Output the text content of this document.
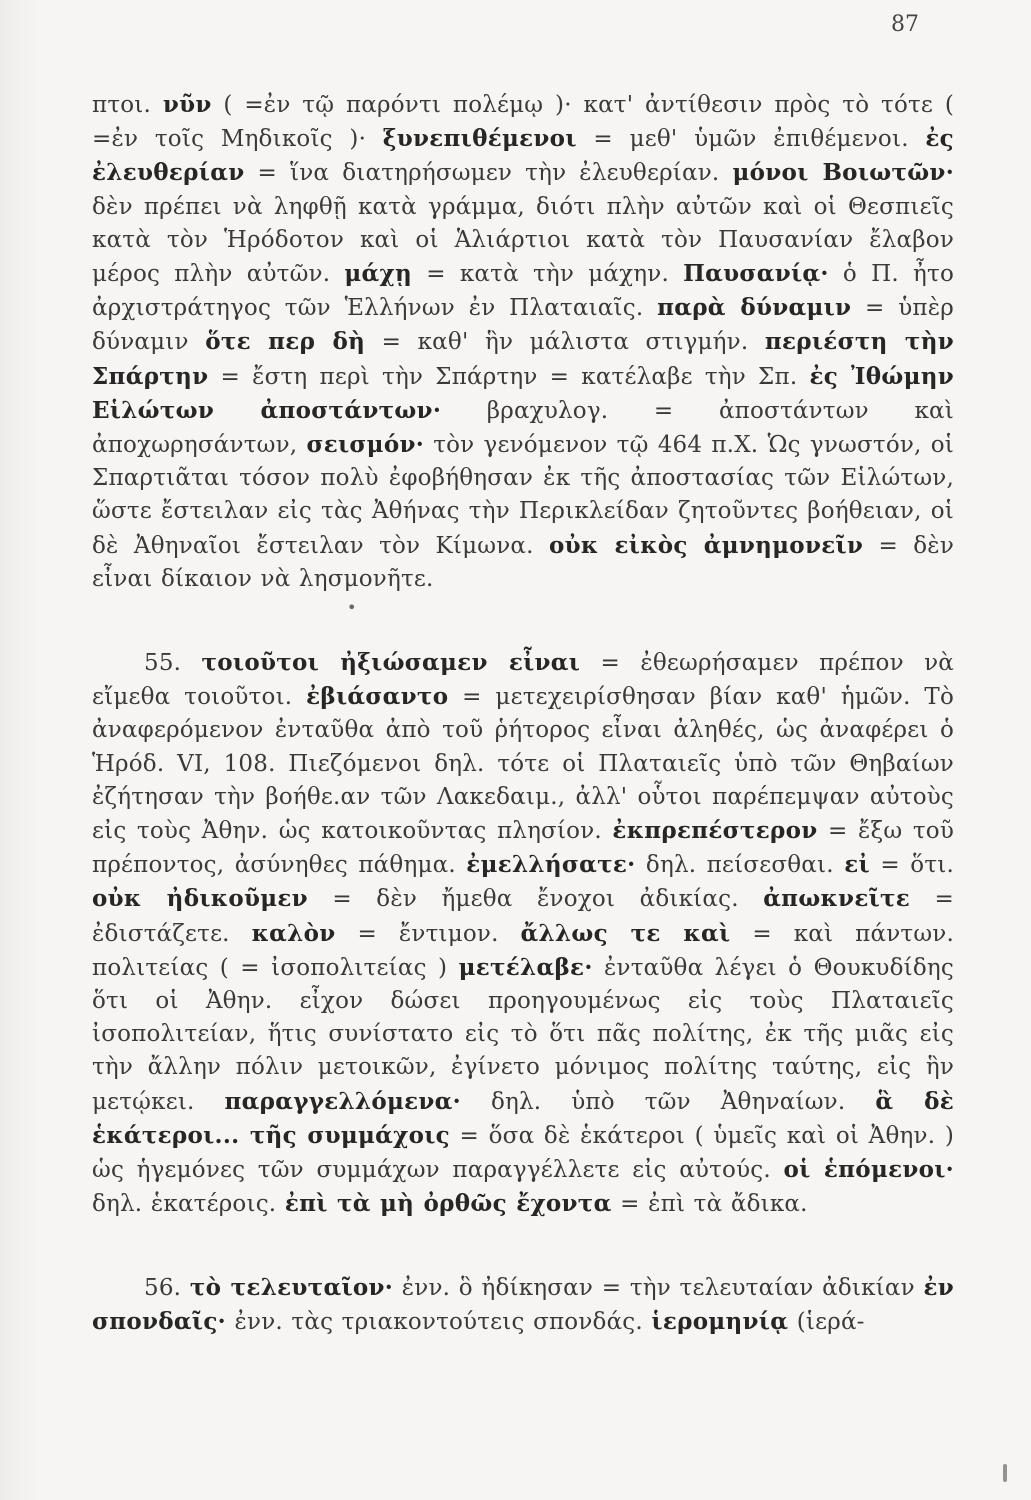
87

πτοι. νῦν ( =ἐν τῷ παρόντι πολέμῳ )· κατ' ἀντίθεσιν πρὸς τὸ τότε ( =ἐν τοῖς Μηδικοῖς )· ξυνεπιθέμενοι = μεθ' ὑμῶν ἐπιθέμενοι. ἐς ἐλευθερίαν = ἵνα διατηρήσωμεν τὴν ἐλευθερίαν. μόνοι Βοιωτῶν· δὲν πρέπει νὰ ληφθῇ κατὰ γράμμα, διότι πλὴν αὐτῶν καὶ οἱ Θεσπιεῖς κατὰ τὸν Ἡρόδοτον καὶ οἱ Ἁλιάρτιοι κατὰ τὸν Παυσανίαν ἔλαβον μέρος πλὴν αὐτῶν. μάχῃ = κατὰ τὴν μάχην. Παυσανίᾳ· ὁ Π. ἦτο ἀρχιστράτηγος τῶν Ἑλλήνων ἐν Πλαταιαῖς. παρὰ δύναμιν = ὑπὲρ δύναμιν ὅτε περ δὴ = καθ' ἣν μάλιστα στιγμήν. περιέστη τὴν Σπάρτην = ἔστη περὶ τὴν Σπάρτην = κατέλαβε τὴν Σπ. ἐς Ἰθώμην Εἱλώτων ἀποστάντων· βραχυλογ. = ἀποστάντων καὶ ἀποχωρησάντων, σεισμόν· τὸν γενόμενον τῷ 464 π.Χ. Ὡς γνωστόν, οἱ Σπαρτιᾶται τόσον πολὺ ἐφοβήθησαν ἐκ τῆς ἀποστασίας τῶν Εἱλώτων, ὥστε ἔστειλαν εἰς τὰς Ἀθήνας τὴν Περικλείδαν ζητοῦντες βοήθειαν, οἱ δὲ Ἀθηναῖοι ἔστειλαν τὸν Κίμωνα. οὐκ εἰκὸς ἀμνημονεῖν = δὲν εἶναι δίκαιον νὰ λησμονῆτε.

55. τοιοῦτοι ἠξιώσαμεν εἶναι = ἐθεωρήσαμεν πρέπον νὰ εἴμεθα τοιοῦτοι. ἐβιάσαντο = μετεχειρίσθησαν βίαν καθ' ἡμῶν. Τὸ ἀναφερόμενον ἐνταῦθα ἀπὸ τοῦ ῥήτορος εἶναι ἀληθές, ὡς ἀναφέρει ὁ Ἡρόδ. VI, 108. Πιεζόμενοι δηλ. τότε οἱ Πλαταιεῖς ὑπὸ τῶν Θηβαίων ἐζήτησαν τὴν βοήθε.αν τῶν Λακεδαιμ., ἀλλ' οὗτοι παρέπεμψαν αὐτοὺς εἰς τοὺς Ἀθην. ὡς κατοικοῦντας πλησίον. ἐκπρεπέστερον = ἔξω τοῦ πρέποντος, ἀσύνηθες πάθημα. ἐμελλήσατε· δηλ. πείσεσθαι. εἰ = ὅτι. οὐκ ἠδικοῦμεν = δὲν ἤμεθα ἔνοχοι ἀδικίας. ἀπωκνεῖτε = ἐδιστάζετε. καλὸν = ἔντιμον. ἄλλως τε καὶ = καὶ πάντων. πολιτείας ( = ἰσοπολιτείας ) μετέλαβε· ἐνταῦθα λέγει ὁ Θουκυδίδης ὅτι οἱ Ἀθην. εἶχον δώσει προηγουμένως εἰς τοὺς Πλαταιεῖς ἰσοπολιτείαν, ἥτις συνίστατο εἰς τὸ ὅτι πᾶς πολίτης, ἐκ τῆς μιᾶς εἰς τὴν ἄλλην πόλιν μετοικῶν, ἐγίνετο μόνιμος πολίτης ταύτης, εἰς ἣν μετῴκει. παραγγελλόμενα· δηλ. ὑπὸ τῶν Ἀθηναίων. ἃ δὲ ἑκάτεροι... τῆς συμμάχοις = ὅσα δὲ ἑκάτεροι ( ὑμεῖς καὶ οἱ Ἀθην. ) ὡς ἡγεμόνες τῶν συμμάχων παραγγέλλετε εἰς αὐτούς. οἱ ἑπόμενοι· δηλ. ἑκατέροις. ἐπὶ τὰ μὴ ὀρθῶς ἔχοντα = ἐπὶ τὰ ἄδικα.

56. τὸ τελευταῖον· ἐνν. ὃ ἠδίκησαν = τὴν τελευταίαν ἀδικίαν ἐν σπονδαῖς· ἐνν. τὰς τριακοντούτεις σπονδάς. ἱερομηνίᾳ (ἱερά-

•
